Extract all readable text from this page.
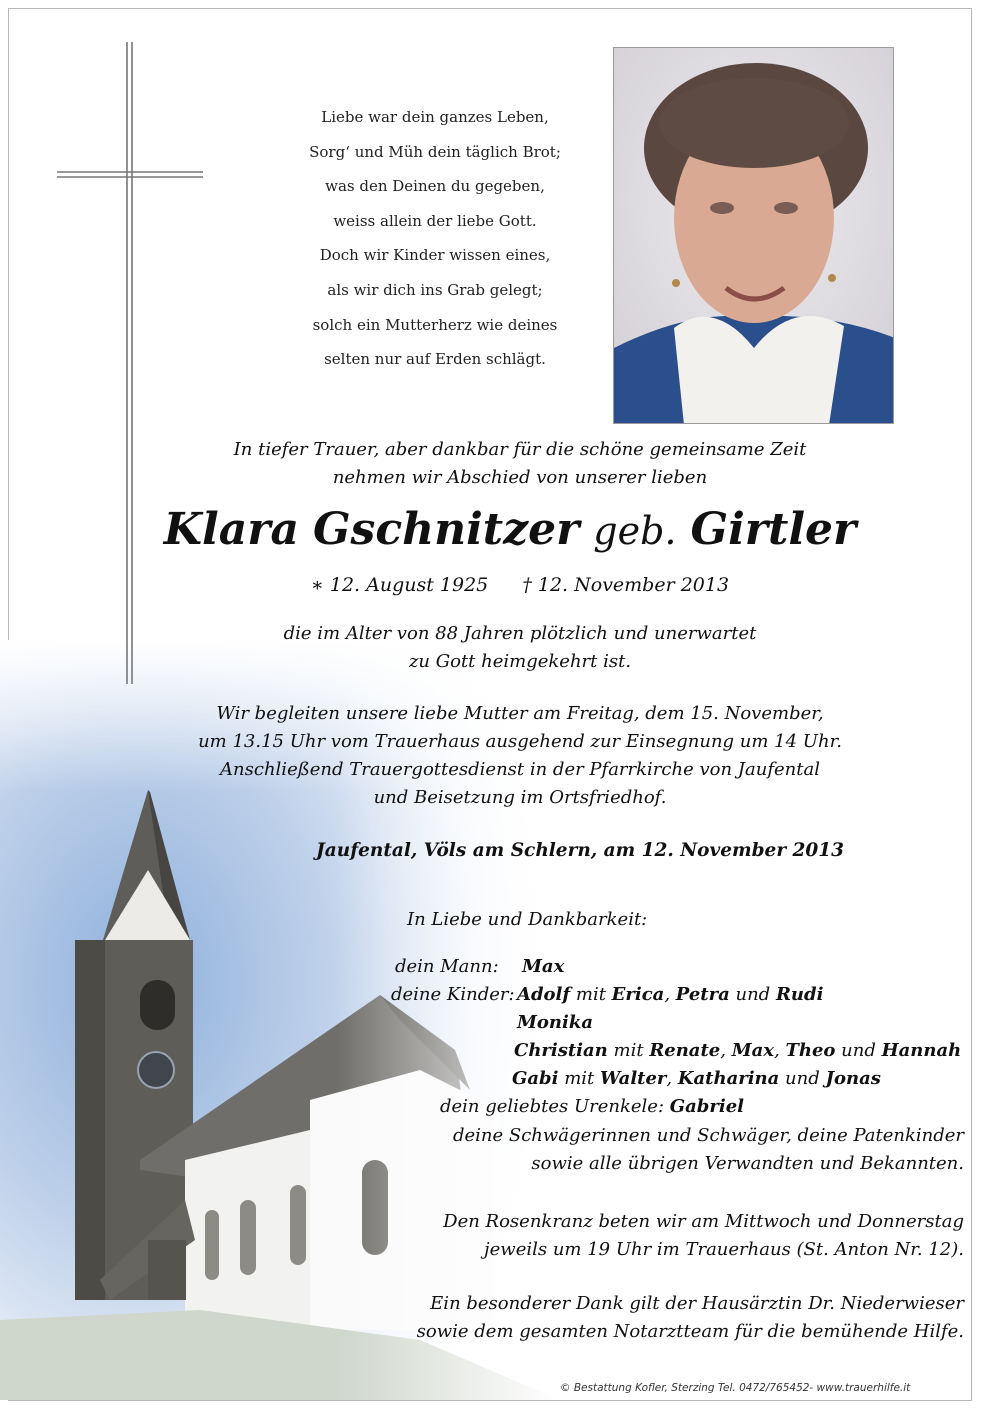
Liebe war dein ganzes Leben,
Sorg‘ und Müh dein täglich Brot;
was den Deinen du gegeben,
weiss allein der liebe Gott.
Doch wir Kinder wissen eines,
als wir dich ins Grab gelegt;
solch ein Mutterherz wie deines
selten nur auf Erden schlägt.
In tiefer Trauer, aber dankbar für die schöne gemeinsame Zeit
nehmen wir Abschied von unserer lieben
Klara Gschnitzer geb. Girtler
∗ 12. August 1925 † 12. November 2013
die im Alter von 88 Jahren plötzlich und unerwartet
zu Gott heimgekehrt ist.
Wir begleiten unsere liebe Mutter am Freitag, dem 15. November,
um 13.15 Uhr vom Trauerhaus ausgehend zur Einsegnung um 14 Uhr.
Anschließend Trauergottesdienst in der Pfarrkirche von Jaufental
und Beisetzung im Ortsfriedhof.
Jaufental, Völs am Schlern, am 12. November 2013
In Liebe und Dankbarkeit:
dein Mann: Max
deine Kinder: Adolf mit Erica, Petra und Rudi
Monika
Christian mit Renate, Max, Theo und Hannah
Gabi mit Walter, Katharina und Jonas
dein geliebtes Urenkele: Gabriel
deine Schwägerinnen und Schwäger, deine Patenkinder
sowie alle übrigen Verwandten und Bekannten.
Den Rosenkranz beten wir am Mittwoch und Donnerstag
jeweils um 19 Uhr im Trauerhaus (St. Anton Nr. 12).
Ein besonderer Dank gilt der Hausärztin Dr. Niederwieser
sowie dem gesamten Notarztteam für die bemühende Hilfe.
© Bestattung Kofler, Sterzing Tel. 0472/765452- www.trauerhilfe.it
